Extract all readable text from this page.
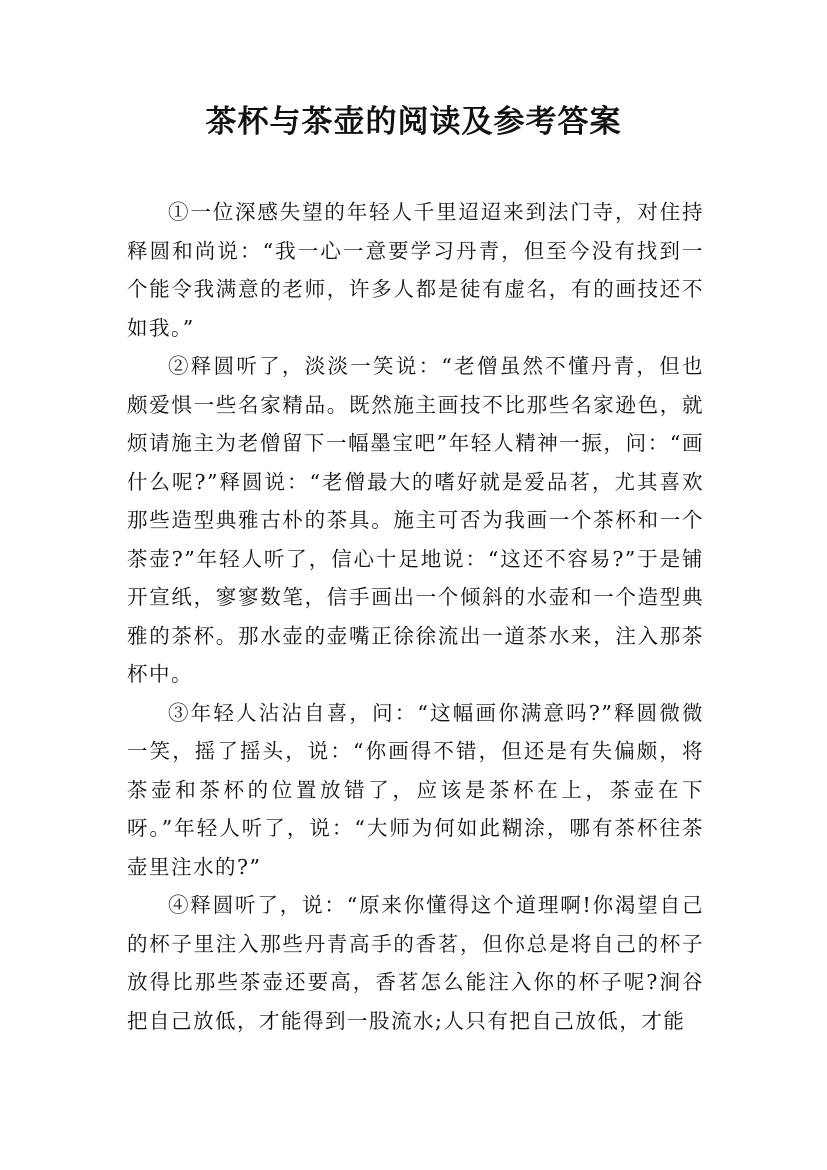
茶杯与茶壶的阅读及参考答案

①一位深感失望的年轻人千里迢迢来到法门寺，对住持释圆和尚说：“我一心一意要学习丹青，但至今没有找到一个能令我满意的老师，许多人都是徒有虚名，有的画技还不如我。”

②释圆听了，淡淡一笑说：“老僧虽然不懂丹青，但也颇爱惧一些名家精品。既然施主画技不比那些名家逊色，就烦请施主为老僧留下一幅墨宝吧”年轻人精神一振，问：“画什么呢?”释圆说：“老僧最大的嗜好就是爱品茗，尤其喜欢那些造型典雅古朴的茶具。施主可否为我画一个茶杯和一个茶壶?”年轻人听了，信心十足地说：“这还不容易?”于是铺开宣纸，寥寥数笔，信手画出一个倾斜的水壶和一个造型典雅的茶杯。那水壶的壶嘴正徐徐流出一道茶水来，注入那茶杯中。

③年轻人沾沾自喜，问：“这幅画你满意吗?”释圆微微一笑，摇了摇头，说：“你画得不错，但还是有失偏颇，将茶壶和茶杯的位置放错了，应该是茶杯在上，茶壶在下呀。”年轻人听了，说：“大师为何如此糊涂，哪有茶杯往茶壶里注水的?”

④释圆听了，说：“原来你懂得这个道理啊!你渴望自己的杯子里注入那些丹青高手的香茗，但你总是将自己的杯子放得比那些茶壶还要高，香茗怎么能注入你的杯子呢?涧谷把自己放低，才能得到一股流水;人只有把自己放低，才能
